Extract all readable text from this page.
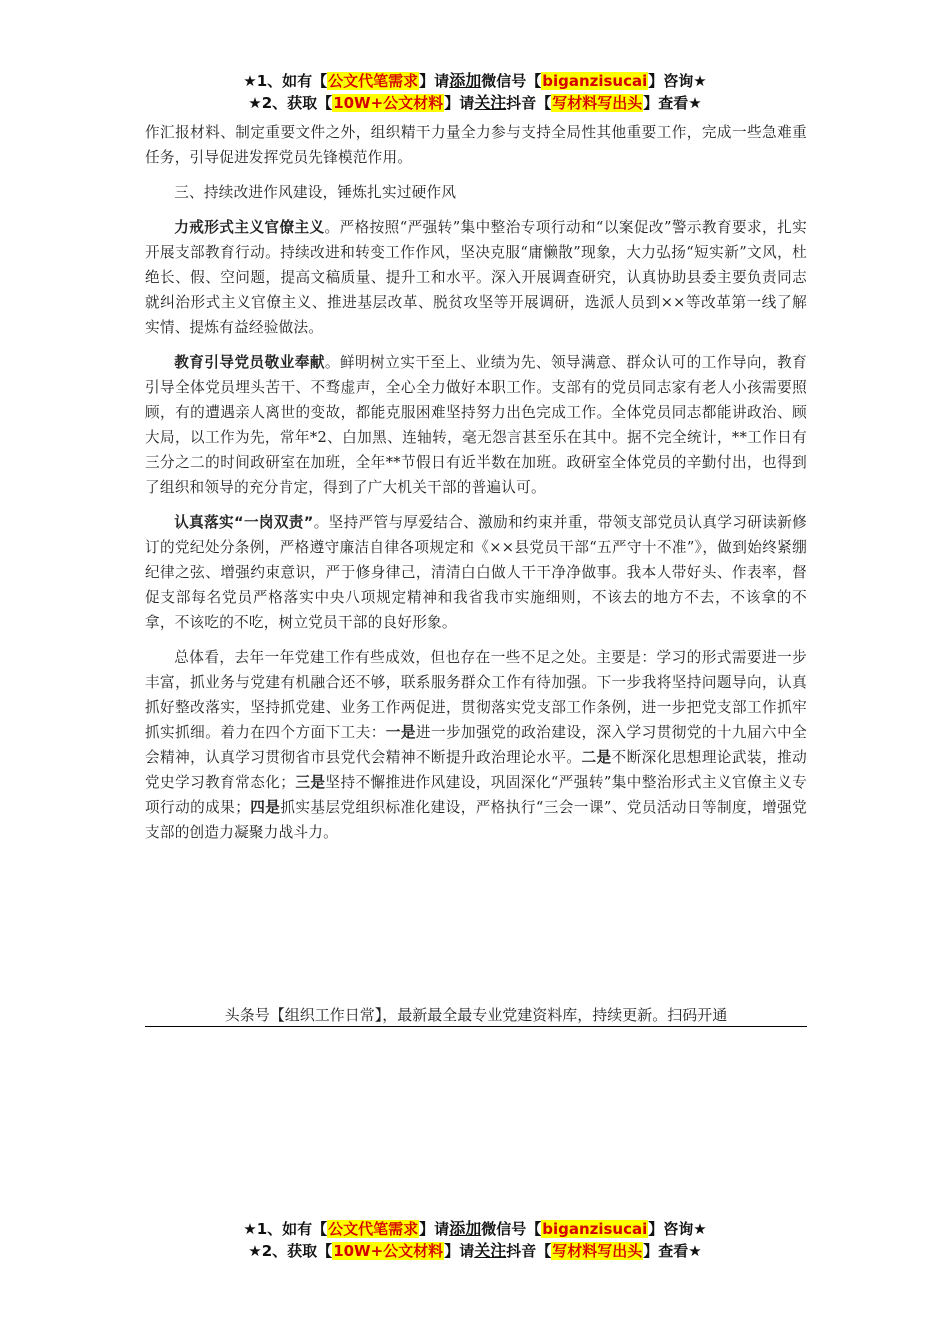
★1、如有【公文代笔需求】请添加微信号【biganzisucai】咨询★
★2、获取【10W+公文材料】请关注抖音【写材料写出头】查看★

作汇报材料、制定重要文件之外，组织精干力量全力参与支持全局性其他重要工作，完成一些急难重任务，引导促进发挥党员先锋模范作用。

三、持续改进作风建设，锤炼扎实过硬作风

力戒形式主义官僚主义。严格按照“严强转”集中整治专项行动和“以案促改”警示教育要求，扎实开展支部教育行动。持续改进和转变工作作风，坚决克服“庸懒散”现象，大力弘扬“短实新”文风，杜绝长、假、空问题，提高文稿质量、提升工和水平。深入开展调查研究，认真协助县委主要负责同志就纠治形式主义官僚主义、推进基层改革、脱贫攻坚等开展调研，选派人员到××等改革第一线了解实情、提炼有益经验做法。

教育引导党员敬业奉献。鲜明树立实干至上、业绩为先、领导满意、群众认可的工作导向，教育引导全体党员埋头苦干、不骛虚声，全心全力做好本职工作。支部有的党员同志家有老人小孩需要照顾，有的遭遇亲人离世的变故，都能克服困难坚持努力出色完成工作。全体党员同志都能讲政治、顾大局，以工作为先，常年*2、白加黑、连轴转，毫无怨言甚至乐在其中。据不完全统计，**工作日有三分之二的时间政研室在加班，全年**节假日有近半数在加班。政研室全体党员的辛勤付出，也得到了组织和领导的充分肯定，得到了广大机关干部的普遍认可。

认真落实“一岗双责”。坚持严管与厚爱结合、激励和约束并重，带领支部党员认真学习研读新修订的党纪处分条例，严格遵守廉洁自律各项规定和《××县党员干部“五严守十不准”》，做到始终紧绷纪律之弦、增强约束意识，严于修身律己，清清白白做人干干净净做事。我本人带好头、作表率，督促支部每名党员严格落实中央八项规定精神和我省我市实施细则，不该去的地方不去，不该拿的不拿，不该吃的不吃，树立党员干部的良好形象。

总体看，去年一年党建工作有些成效，但也存在一些不足之处。主要是：学习的形式需要进一步丰富，抓业务与党建有机融合还不够，联系服务群众工作有待加强。下一步我将坚持问题导向，认真抓好整改落实，坚持抓党建、业务工作两促进，贯彻落实党支部工作条例，进一步把党支部工作抓牢抓实抓细。着力在四个方面下工夫：一是进一步加强党的政治建设，深入学习贯彻党的十九届六中全会精神，认真学习贯彻省市县党代会精神不断提升政治理论水平。二是不断深化思想理论武装，推动党史学习教育常态化；三是坚持不懈推进作风建设，巩固深化“严强转”集中整治形式主义官僚主义专项行动的成果；四是抓实基层党组织标准化建设，严格执行“三会一课”、党员活动日等制度，增强党支部的创造力凝聚力战斗力。

头条号【组织工作日常】，最新最全最专业党建资料库，持续更新。扫码开通
★1、如有【公文代笔需求】请添加微信号【biganzisucai】咨询★
★2、获取【10W+公文材料】请关注抖音【写材料写出头】查看★
